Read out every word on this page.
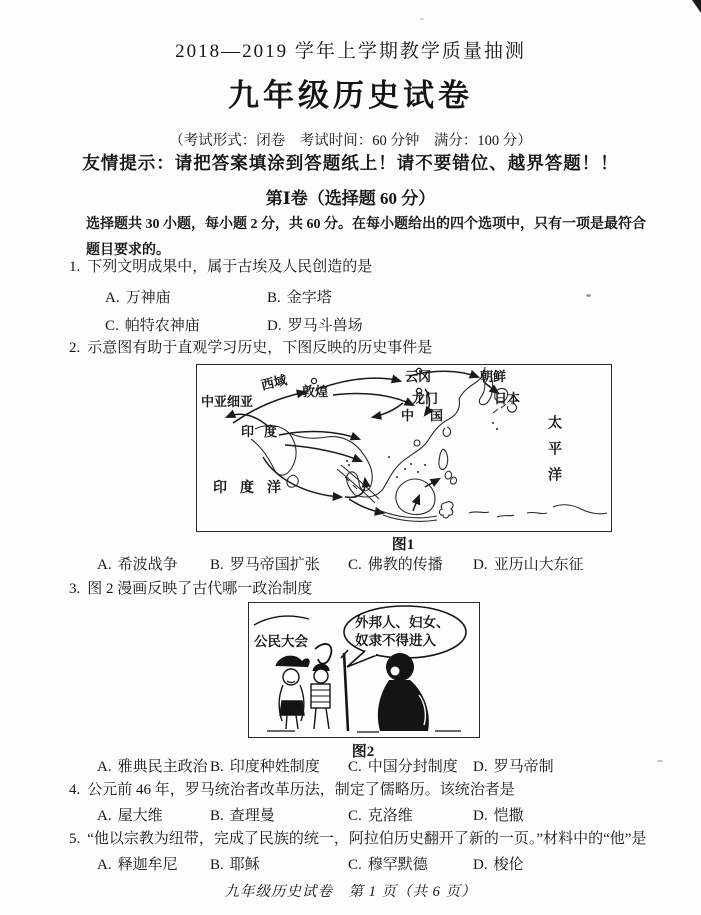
2018—2019 学年上学期教学质量抽测
九年级历史试卷
（考试形式：闭卷　考试时间：60 分钟　满分：100 分）
友情提示：请把答案填涂到答题纸上！请不要错位、越界答题！！
第Ⅰ卷（选择题 60 分）
选择题共 30 小题，每小题 2 分，共 60 分。在每小题给出的四个选项中，只有一项是最符合
题目要求的。
1. 下列文明成果中，属于古埃及人民创造的是
A. 万神庙	B. 金字塔
C. 帕特农神庙	D. 罗马斗兽场
2. 示意图有助于直观学习历史，下图反映的历史事件是
中亚细亚
西域 敦煌
云冈
龙门
中国
朝鲜
日本
太平洋
印度
印度洋
图1
A. 希波战争	B. 罗马帝国扩张	C. 佛教的传播	D. 亚历山大东征
3. 图 2 漫画反映了古代哪一政治制度
外邦人、妇女、奴隶不得进入
公民大会
图2
A. 雅典民主政治 B. 印度种姓制度	C. 中国分封制度	D. 罗马帝制
4. 公元前 46 年，罗马统治者改革历法，制定了儒略历。该统治者是
A. 屋大维	B. 查理曼	C. 克洛维	D. 恺撒
5. “他以宗教为纽带，完成了民族的统一，阿拉伯历史翻开了新的一页。”材料中的“他”是
A. 释迦牟尼	B. 耶稣	C. 穆罕默德	D. 梭伦
九年级历史试卷　第 1 页（共 6 页）
